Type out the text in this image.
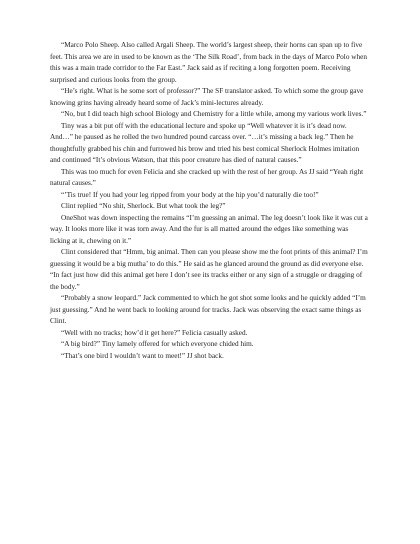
“Marco Polo Sheep. Also called Argali Sheep. The world’s largest sheep, their horns can span up to five feet. This area we are in used to be known as the ‘The Silk Road’, from back in the days of Marco Polo when this was a main trade corridor to the Far East.” Jack said as if reciting a long forgotten poem. Receiving surprised and curious looks from the group.

“He’s right. What is he some sort of professor?” The SF translator asked. To which some the group gave knowing grins having already heard some of Jack’s mini-lectures already.

“No, but I did teach high school Biology and Chemistry for a little while, among my various work lives.”

Tiny was a bit put off with the educational lecture and spoke up “Well whatever it is it’s dead now. And…” he paused as he rolled the two hundred pound carcass over. “…it’s missing a back leg.” Then he thoughtfully grabbed his chin and furrowed his brow and tried his best comical Sherlock Holmes imitation and continued “It’s obvious Watson, that this poor creature has died of natural causes.”

This was too much for even Felicia and she cracked up with the rest of her group. As JJ said “Yeah right natural causes.”

“’Tis true! If you had your leg ripped from your body at the hip you’d naturally die too!”

Clint replied “No shit, Sherlock. But what took the leg?”

OneShot was down inspecting the remains “I’m guessing an animal. The leg doesn’t look like it was cut a way. It looks more like it was torn away. And the fur is all matted around the edges like something was licking at it, chewing on it.”

Clint considered that “Hmm, big animal. Then can you please show me the foot prints of this animal? I’m guessing it would be a big mutha’ to do this.” He said as he glanced around the ground as did everyone else. “In fact just how did this animal get here I don’t see its tracks either or any sign of a struggle or dragging of the body.”

“Probably a snow leopard.” Jack commented to which he got shot some looks and he quickly added “I’m just guessing.” And he went back to looking around for tracks. Jack was observing the exact same things as Clint.

“Well with no tracks; how’d it get here?” Felicia casually asked.

“A big bird?” Tiny lamely offered for which everyone chided him.

“That’s one bird I wouldn’t want to meet!” JJ shot back.
